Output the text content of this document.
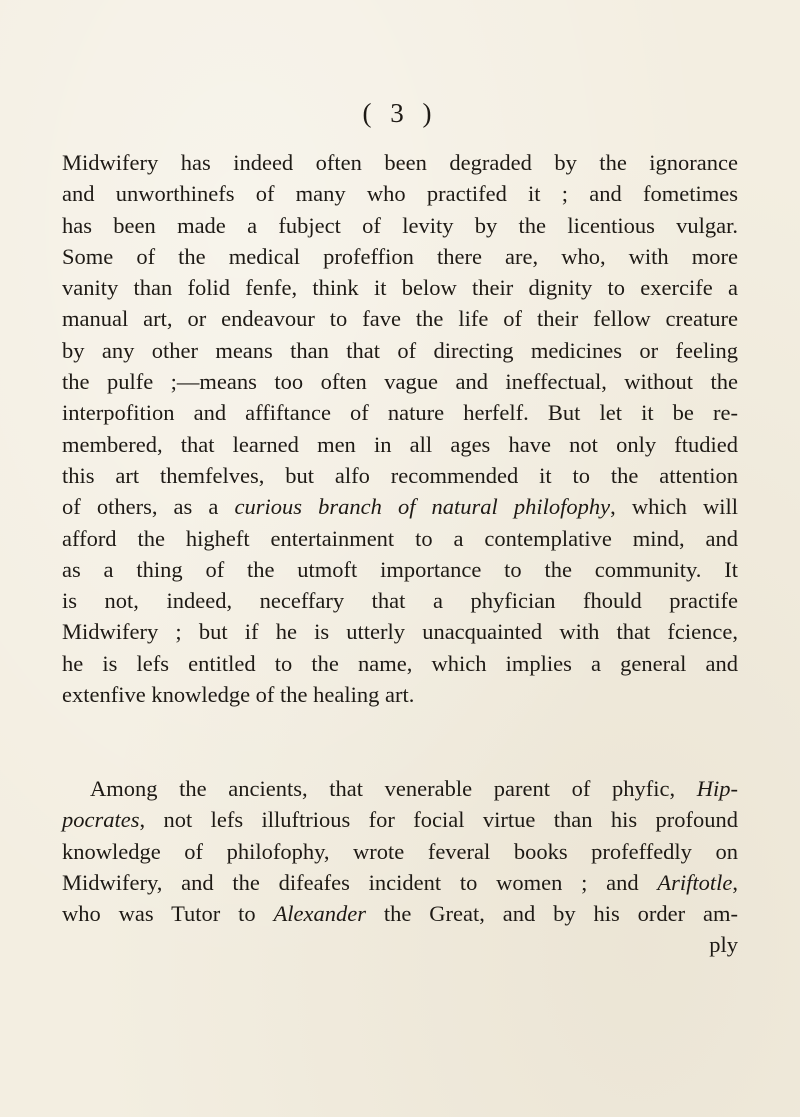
( 3 )
Midwifery has indeed often been degraded by the ignorance
and unworthinefs of many who practifed it ; and fometimes
has been made a fubject of levity by the licentious vulgar.
Some of the medical profeffion there are, who, with more
vanity than folid fenfe, think it below their dignity to exercife a
manual art, or endeavour to fave the life of their fellow creature
by any other means than that of directing medicines or feeling
the pulfe ;—means too often vague and ineffectual, without the
interpofition and affiftance of nature herfelf. But let it be re-
membered, that learned men in all ages have not only ftudied
this art themfelves, but alfo recommended it to the attention
of others, as a curious branch of natural philofophy, which will
afford the higheft entertainment to a contemplative mind, and
as a thing of the utmoft importance to the community. It
is not, indeed, neceffary that a phyfician fhould practife
Midwifery ; but if he is utterly unacquainted with that fcience,
he is lefs entitled to the name, which implies a general and
extenfive knowledge of the healing art.
Among the ancients, that venerable parent of phyfic, Hip-
pocrates, not lefs illuftrious for focial virtue than his profound
knowledge of philofophy, wrote feveral books profeffedly on
Midwifery, and the difeafes incident to women ; and Ariftotle,
who was Tutor to Alexander the Great, and by his order am-
ply
